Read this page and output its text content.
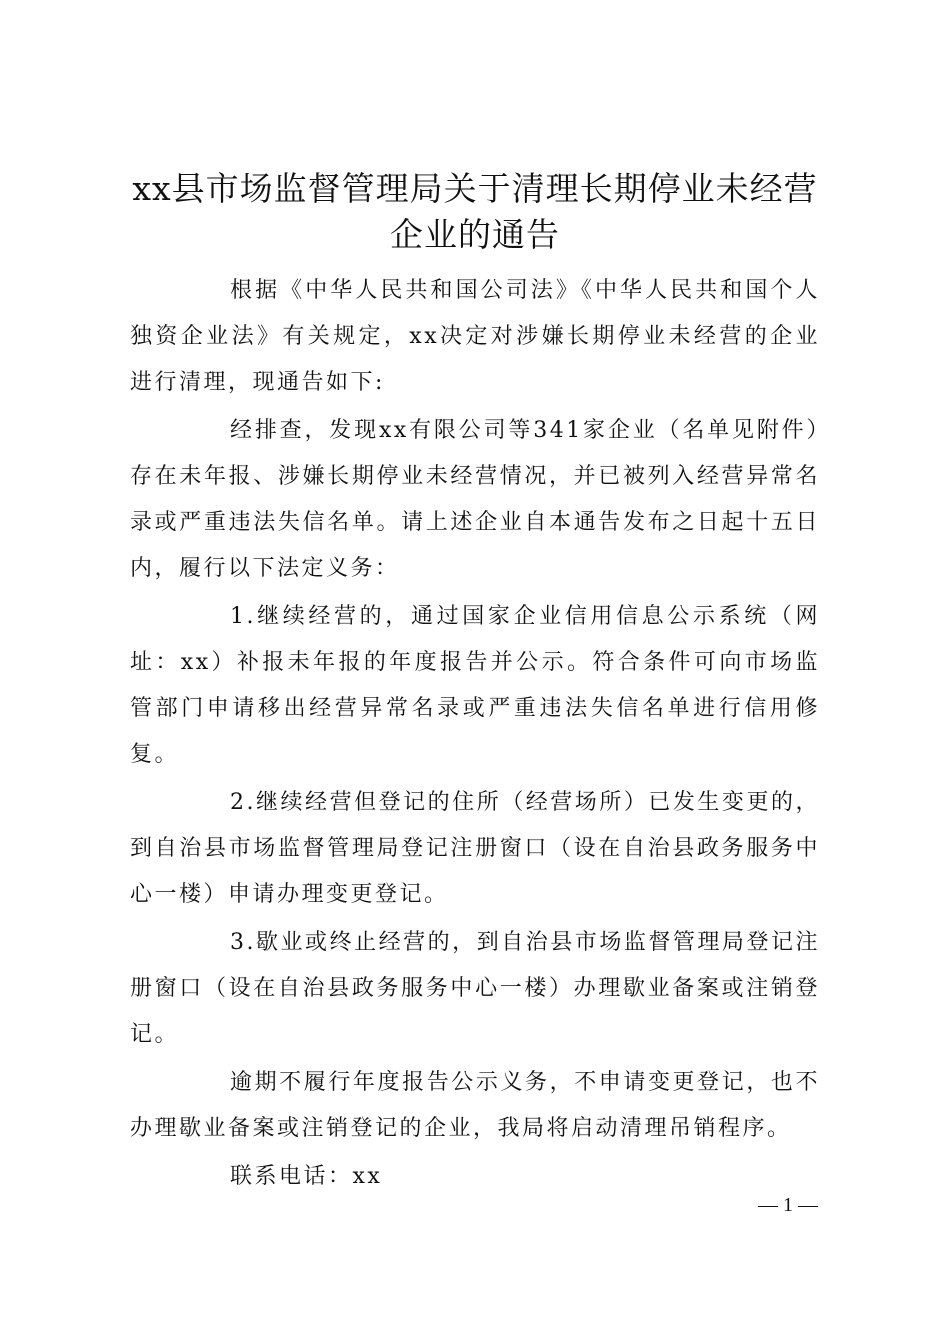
xx县市场监督管理局关于清理长期停业未经营企业的通告

根据《中华人民共和国公司法》《中华人民共和国个人独资企业法》有关规定，xx决定对涉嫌长期停业未经营的企业进行清理，现通告如下:

经排查，发现xx有限公司等341家企业（名单见附件）存在未年报、涉嫌长期停业未经营情况，并已被列入经营异常名录或严重违法失信名单。请上述企业自本通告发布之日起十五日内，履行以下法定义务：

1.继续经营的，通过国家企业信用信息公示系统（网址：xx）补报未年报的年度报告并公示。符合条件可向市场监管部门申请移出经营异常名录或严重违法失信名单进行信用修复。

2.继续经营但登记的住所（经营场所）已发生变更的，到自治县市场监督管理局登记注册窗口（设在自治县政务服务中心一楼）申请办理变更登记。

3.歇业或终止经营的，到自治县市场监督管理局登记注册窗口（设在自治县政务服务中心一楼）办理歇业备案或注销登记。

逾期不履行年度报告公示义务，不申请变更登记，也不办理歇业备案或注销登记的企业，我局将启动清理吊销程序。

联系电话：xx

— 1 —
